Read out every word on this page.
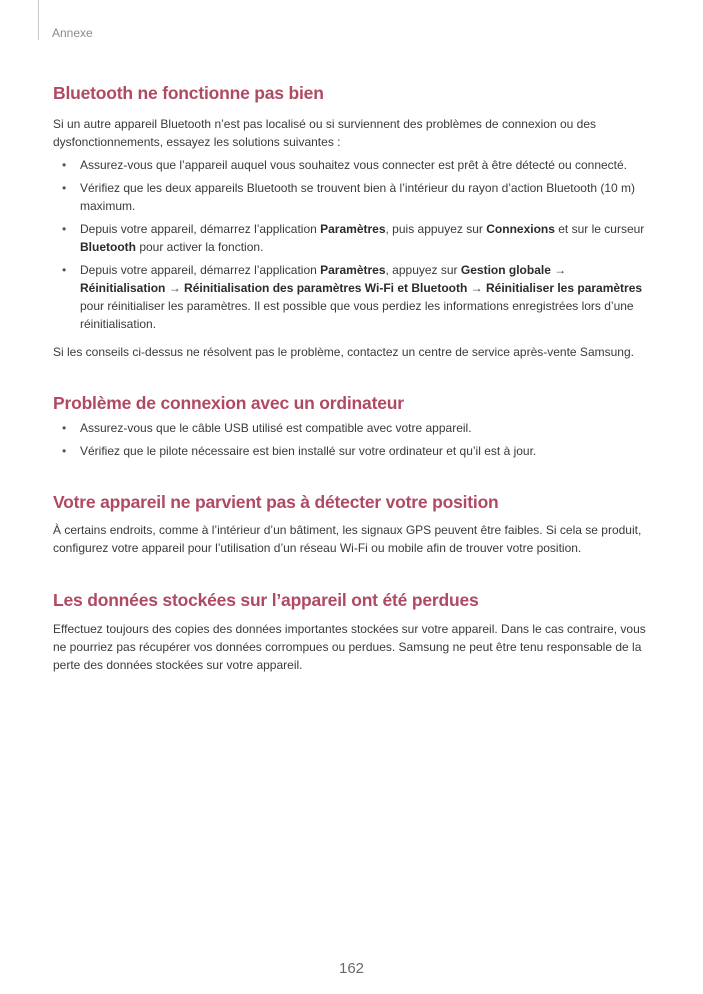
Annexe
Bluetooth ne fonctionne pas bien

Si un autre appareil Bluetooth n’est pas localisé ou si surviennent des problèmes de connexion ou des dysfonctionnements, essayez les solutions suivantes :

• Assurez-vous que l’appareil auquel vous souhaitez vous connecter est prêt à être détecté ou connecté.
• Vérifiez que les deux appareils Bluetooth se trouvent bien à l’intérieur du rayon d’action Bluetooth (10 m) maximum.
• Depuis votre appareil, démarrez l’application Paramètres, puis appuyez sur Connexions et sur le curseur Bluetooth pour activer la fonction.
• Depuis votre appareil, démarrez l’application Paramètres, appuyez sur Gestion globale →
Réinitialisation → Réinitialisation des paramètres Wi-Fi et Bluetooth → Réinitialiser les paramètres pour réinitialiser les paramètres. Il est possible que vous perdiez les informations enregistrées lors d’une réinitialisation.

Si les conseils ci-dessus ne résolvent pas le problème, contactez un centre de service après-vente Samsung.

Problème de connexion avec un ordinateur
• Assurez-vous que le câble USB utilisé est compatible avec votre appareil.
• Vérifiez que le pilote nécessaire est bien installé sur votre ordinateur et qu’il est à jour.
Votre appareil ne parvient pas à détecter votre position

À certains endroits, comme à l’intérieur d’un bâtiment, les signaux GPS peuvent être faibles. Si cela se produit, configurez votre appareil pour l’utilisation d’un réseau Wi-Fi ou mobile afin de trouver votre position.

Les données stockées sur l’appareil ont été perdues

Effectuez toujours des copies des données importantes stockées sur votre appareil. Dans le cas contraire, vous ne pourriez pas récupérer vos données corrompues ou perdues. Samsung ne peut être tenu responsable de la perte des données stockées sur votre appareil.

162
